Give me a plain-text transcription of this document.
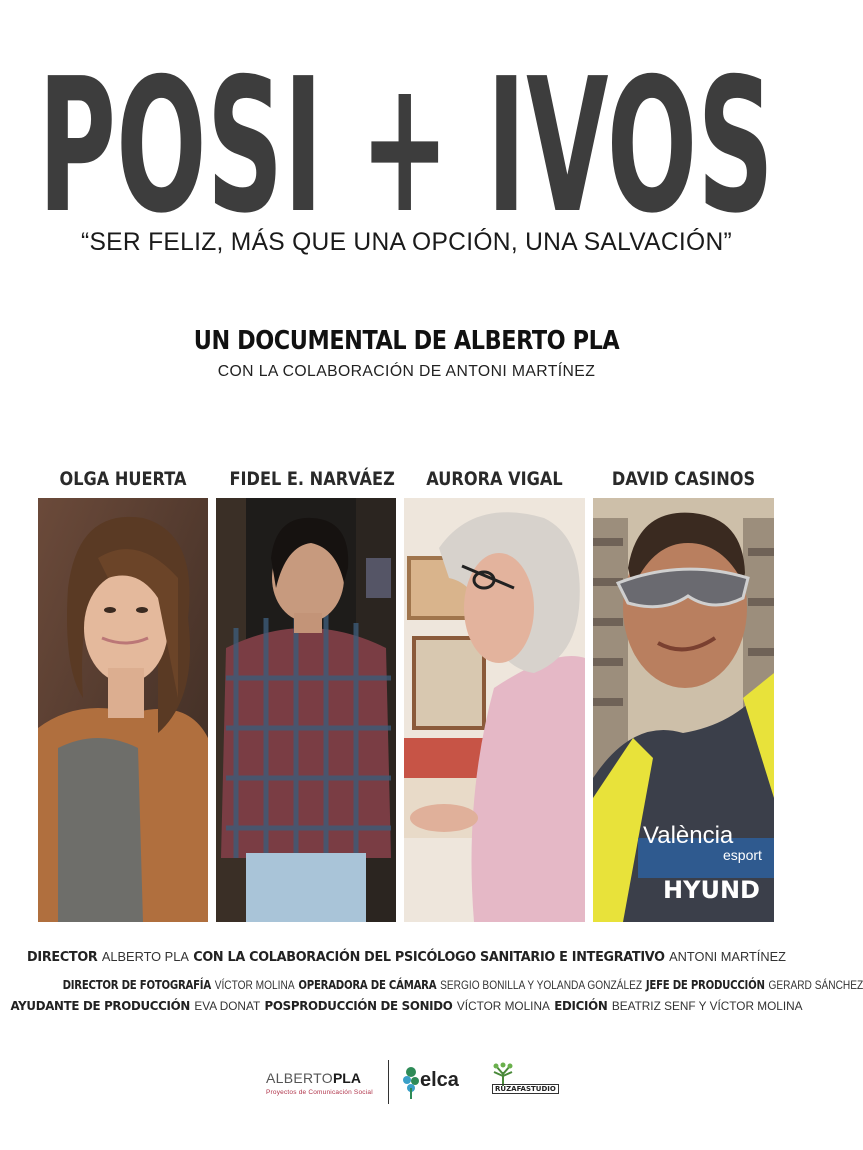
POSI + IVOS
“SER FELIZ, MÁS QUE UNA OPCIÓN, UNA SALVACIÓN”
UN DOCUMENTAL DE ALBERTO PLA
CON LA COLABORACIÓN DE ANTONI MARTÍNEZ
OLGA HUERTA	FIDEL E. NARVÁEZ	AURORA VIGAL	DAVID CASINOS
València
esport
HYUND
DIRECTOR ALBERTO PLA CON LA COLABORACIÓN DEL PSICÓLOGO SANITARIO E INTEGRATIVO ANTONI MARTÍNEZ
DIRECTOR DE FOTOGRAFÍA VÍCTOR MOLINA OPERADORA DE CÁMARA SERGIO BONILLA Y YOLANDA GONZÁLEZ JEFE DE PRODUCCIÓN GERARD SÁNCHEZ
AYUDANTE DE PRODUCCIÓN EVA DONAT POSPRODUCCIÓN DE SONIDO VÍCTOR MOLINA EDICIÓN BEATRIZ SENF Y VÍCTOR MOLINA
ALBERTOPLA
Proyectos de Comunicación Social
elca	RUZAFASTUDIO
